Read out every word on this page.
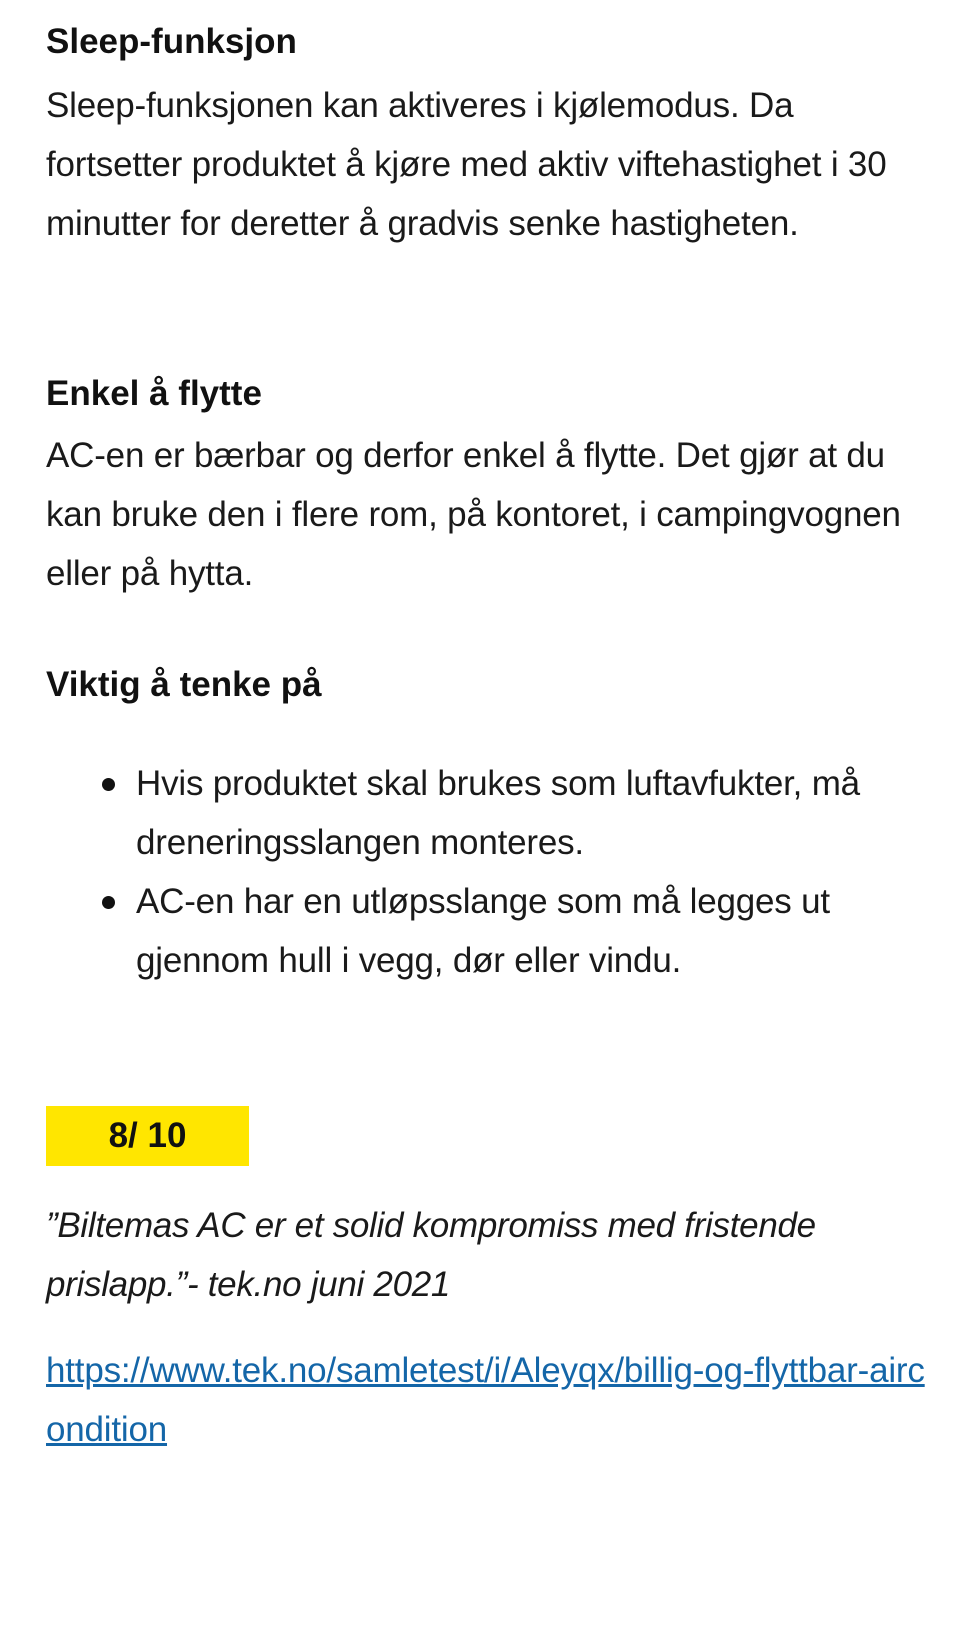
Sleep-funksjon

Sleep-funksjonen kan aktiveres i kjølemodus. Da fortsetter produktet å kjøre med aktiv viftehastighet i 30 minutter for deretter å gradvis senke hastigheten.

Enkel å flytte

AC-en er bærbar og derfor enkel å flytte. Det gjør at du kan bruke den i flere rom, på kontoret, i campingvognen eller på hytta.

Viktig å tenke på
Hvis produktet skal brukes som luftavfukter, må dreneringsslangen monteres.
AC-en har en utløpsslange som må legges ut gjennom hull i vegg, dør eller vindu.
8/ 10

”Biltemas AC er et solid kompromiss med fristende prislapp.”- tek.no juni 2021

https://www.tek.no/samletest/i/Aleyqx/billig-og-flyttbar-aircondition
